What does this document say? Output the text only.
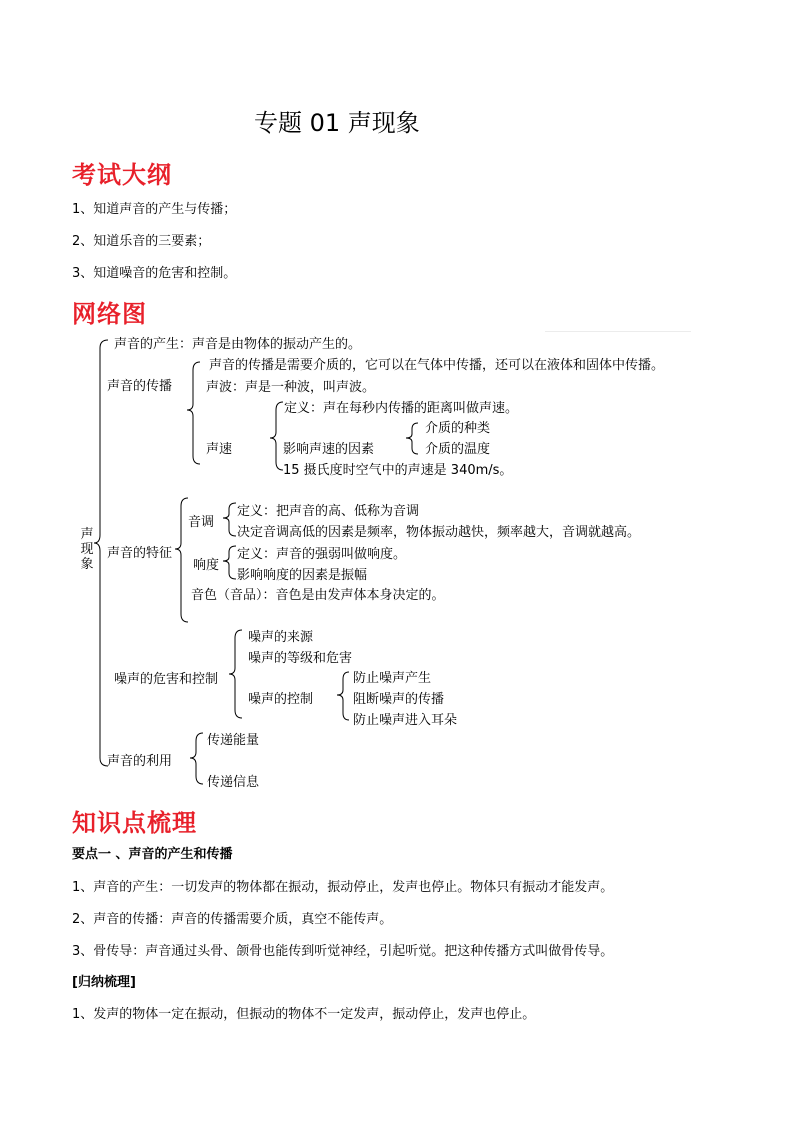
专题 01 声现象
考试大纲
1、知道声音的产生与传播；
2、知道乐音的三要素；
3、知道噪音的危害和控制。
网络图
声现象
声音的产生：声音是由物体的振动产生的。
声音的传播
声音的传播是需要介质的，它可以在气体中传播，还可以在液体和固体中传播。
声波：声是一种波，叫声波。
声速
定义：声在每秒内传播的距离叫做声速。
影响声速的因素
介质的种类
介质的温度
15 摄氏度时空气中的声速是 340m/s。
声音的特征
音调
定义：把声音的高、低称为音调
决定音调高低的因素是频率，物体振动越快，频率越大，音调就越高。
响度
定义：声音的强弱叫做响度。
影响响度的因素是振幅
音色（音品）：音色是由发声体本身决定的。
噪声的危害和控制
噪声的来源
噪声的等级和危害
噪声的控制
防止噪声产生
阻断噪声的传播
防止噪声进入耳朵
声音的利用
传递能量
传递信息
知识点梳理
要点一 、声音的产生和传播
1、声音的产生：一切发声的物体都在振动，振动停止，发声也停止。物体只有振动才能发声。
2、声音的传播：声音的传播需要介质，真空不能传声。
3、骨传导：声音通过头骨、颌骨也能传到听觉神经，引起听觉。把这种传播方式叫做骨传导。
[归纳梳理]
1、发声的物体一定在振动，但振动的物体不一定发声，振动停止，发声也停止。
